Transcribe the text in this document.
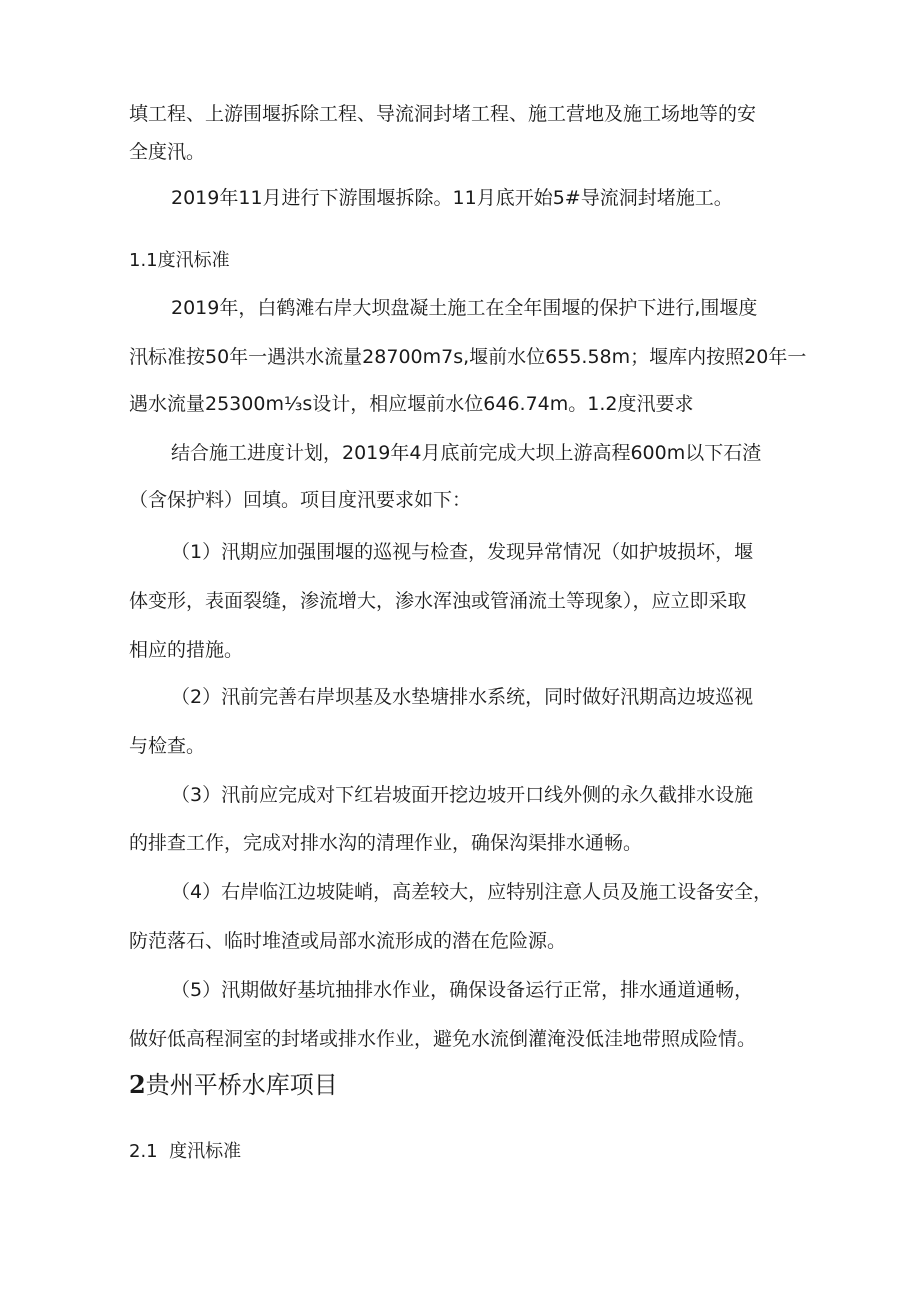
填工程、上游围堰拆除工程、导流洞封堵工程、施工营地及施工场地等的安
全度汛。
2019年11月进行下游围堰拆除。11月底开始5#导流洞封堵施工。
1.1度汛标准
2019年，白鹤滩右岸大坝盘凝土施工在全年围堰的保护下进行,围堰度
汛标准按50年一遇洪水流量28700m7s,堰前水位655.58m；堰库内按照20年一
遇水流量25300m⅓s设计，相应堰前水位646.74m。1.2度汛要求
结合施工进度计划，2019年4月底前完成大坝上游高程600m以下石渣
（含保护料）回填。项目度汛要求如下：
（1）汛期应加强围堰的巡视与检查，发现异常情况（如护坡损坏，堰
体变形，表面裂缝，渗流增大，渗水浑浊或管涌流土等现象），应立即采取
相应的措施。
（2）汛前完善右岸坝基及水垫塘排水系统，同时做好汛期高边坡巡视
与检查。
（3）汛前应完成对下红岩坡面开挖边坡开口线外侧的永久截排水设施
的排查工作，完成对排水沟的清理作业，确保沟渠排水通畅。
（4）右岸临江边坡陡峭，高差较大，应特别注意人员及施工设备安全，
防范落石、临时堆渣或局部水流形成的潜在危险源。
（5）汛期做好基坑抽排水作业，确保设备运行正常，排水通道通畅，
做好低高程洞室的封堵或排水作业，避免水流倒灌淹没低洼地带照成险情。
2贵州平桥水库项目
2.1  度汛标准
